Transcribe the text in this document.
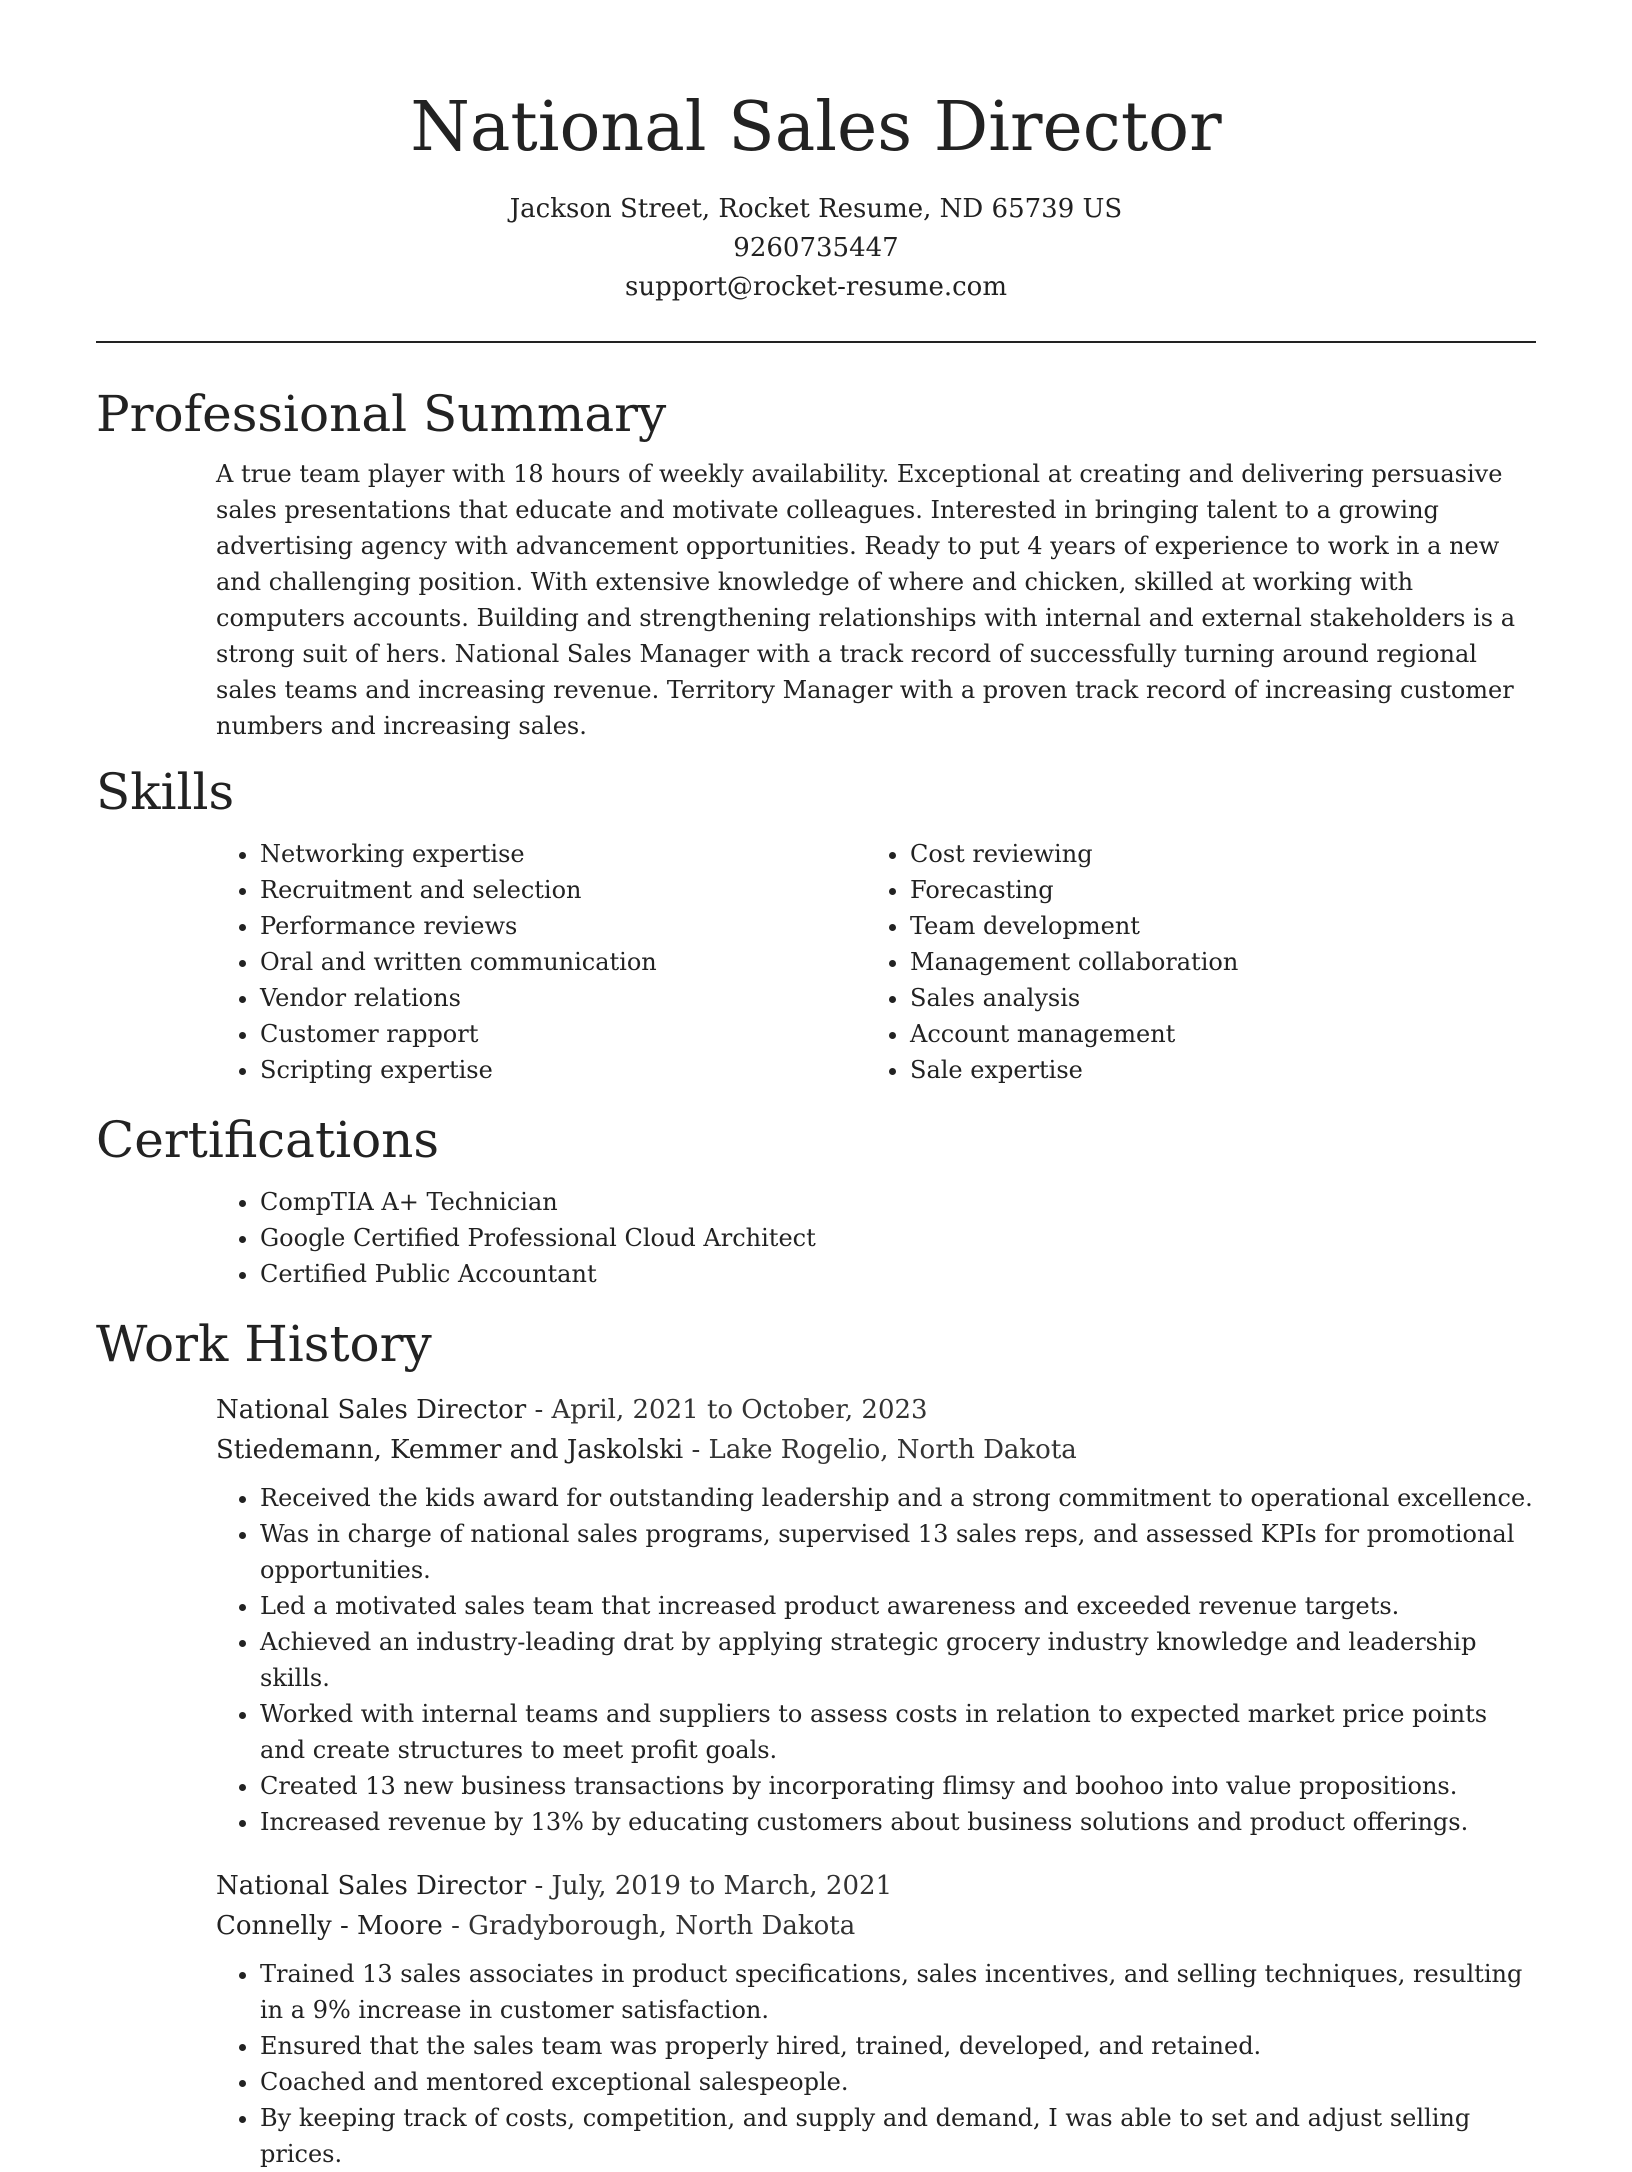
National Sales Director
Jackson Street, Rocket Resume, ND 65739 US
9260735447
support@rocket-resume.com
Professional Summary

A true team player with 18 hours of weekly availability. Exceptional at creating and delivering persuasive sales presentations that educate and motivate colleagues. Interested in bringing talent to a growing advertising agency with advancement opportunities. Ready to put 4 years of experience to work in a new and challenging position. With extensive knowledge of where and chicken, skilled at working with computers accounts. Building and strengthening relationships with internal and external stakeholders is a strong suit of hers. National Sales Manager with a track record of successfully turning around regional sales teams and increasing revenue. Territory Manager with a proven track record of increasing customer numbers and increasing sales.

Skills
• Networking expertise
• Recruitment and selection
• Performance reviews
• Oral and written communication
• Vendor relations
• Customer rapport
• Scripting expertise
• Cost reviewing
• Forecasting
• Team development
• Management collaboration
• Sales analysis
• Account management
• Sale expertise
Certifications
• CompTIA A+ Technician
• Google Certified Professional Cloud Architect
• Certified Public Accountant
Work History
National Sales Director - April, 2021 to October, 2023
Stiedemann, Kemmer and Jaskolski - Lake Rogelio, North Dakota
• Received the kids award for outstanding leadership and a strong commitment to operational excellence.
• Was in charge of national sales programs, supervised 13 sales reps, and assessed KPIs for promotional opportunities.
• Led a motivated sales team that increased product awareness and exceeded revenue targets.
• Achieved an industry-leading drat by applying strategic grocery industry knowledge and leadership skills.
• Worked with internal teams and suppliers to assess costs in relation to expected market price points and create structures to meet profit goals.
• Created 13 new business transactions by incorporating flimsy and boohoo into value propositions.
• Increased revenue by 13% by educating customers about business solutions and product offerings.
National Sales Director - July, 2019 to March, 2021
Connelly - Moore - Gradyborough, North Dakota
• Trained 13 sales associates in product specifications, sales incentives, and selling techniques, resulting in a 9% increase in customer satisfaction.
• Ensured that the sales team was properly hired, trained, developed, and retained.
• Coached and mentored exceptional salespeople.
• By keeping track of costs, competition, and supply and demand, I was able to set and adjust selling prices.
